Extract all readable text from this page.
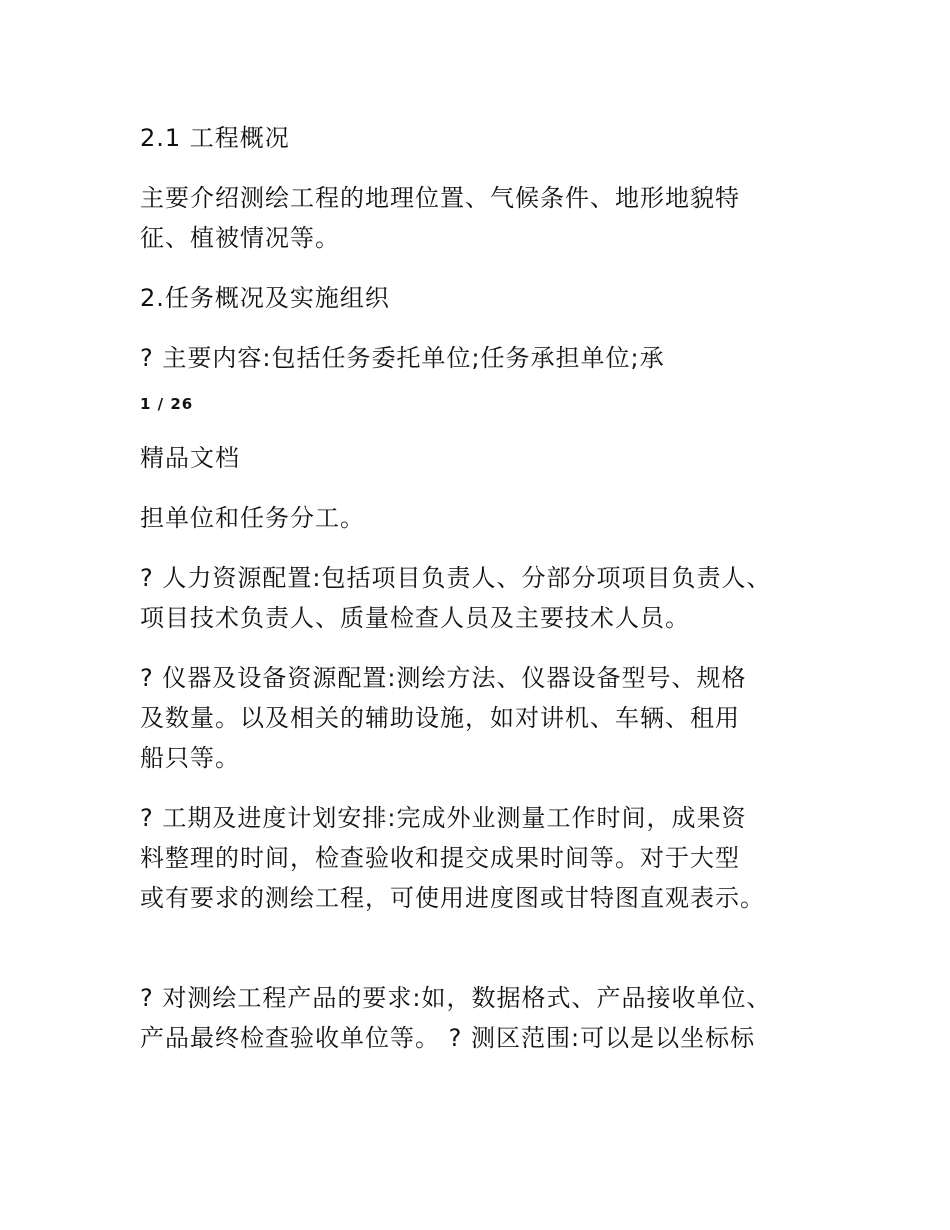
2.1 工程概况

主要介绍测绘工程的地理位置、气候条件、地形地貌特

征、植被情况等。

2.任务概况及实施组织

? 主要内容:包括任务委托单位;任务承担单位;承

1 / 26

精品文档

担单位和任务分工。

? 人力资源配置:包括项目负责人、分部分项项目负责人、

项目技术负责人、质量检查人员及主要技术人员。

? 仪器及设备资源配置:测绘方法、仪器设备型号、规格

及数量。以及相关的辅助设施，如对讲机、车辆、租用

船只等。

? 工期及进度计划安排:完成外业测量工作时间，成果资

料整理的时间，检查验收和提交成果时间等。对于大型

或有要求的测绘工程，可使用进度图或甘特图直观表示。

? 对测绘工程产品的要求:如，数据格式、产品接收单位、

产品最终检查验收单位等。 ? 测区范围:可以是以坐标标
